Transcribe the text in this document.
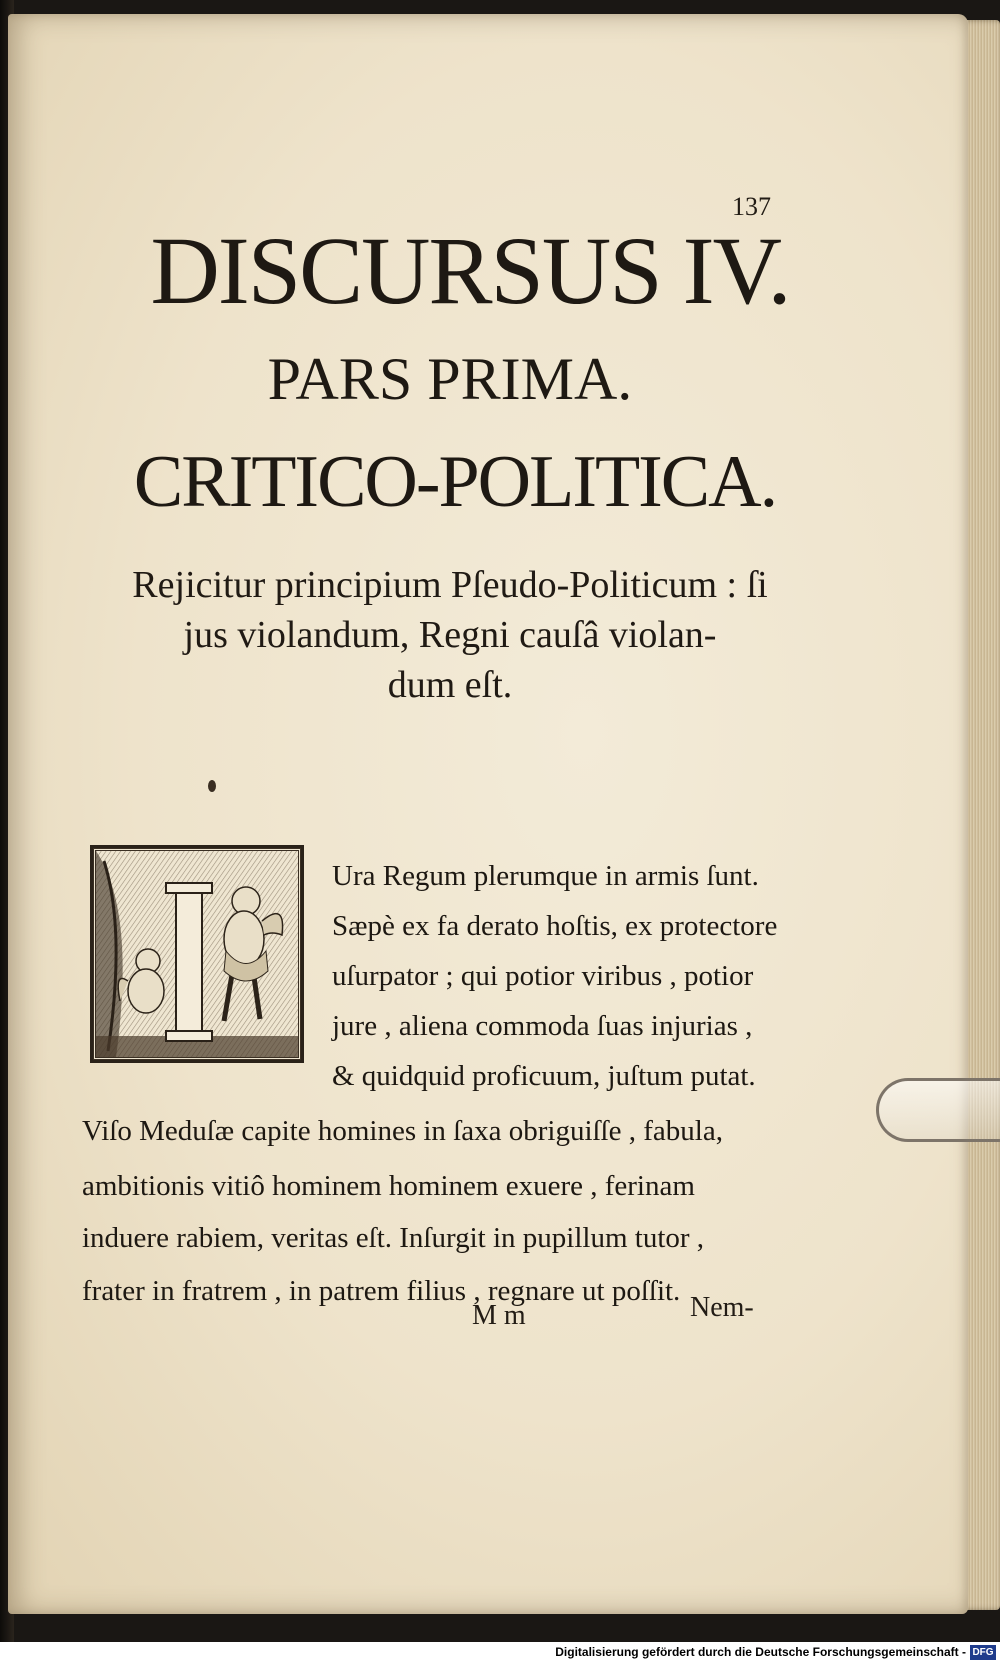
137
DISCURSUS IV.
PARS PRIMA.
CRITICO-POLITICA.
Rejicitur principium Pſeudo-Politicum : ſi
jus violandum, Regni cauſâ violan-
dum eſt.

Ura Regum plerumque in armis ſunt.

Sæpè ex fa derato hoſtis, ex protectore

uſurpator ; qui potior viribus , potior

jure , aliena commoda ſuas injurias ,

& quidquid proficuum, juſtum putat.

Viſo Meduſæ capite homines in ſaxa obriguiſſe , fabula,

ambitionis vitiô hominem hominem exuere , ferinam

induere rabiem, veritas eſt. Inſurgit in pupillum tutor ,

frater in fratrem , in patrem filius , regnare ut poſſit.

M m	Nem-
Digitalisierung gefördert durch die Deutsche Forschungsgemeinschaft - DFG
